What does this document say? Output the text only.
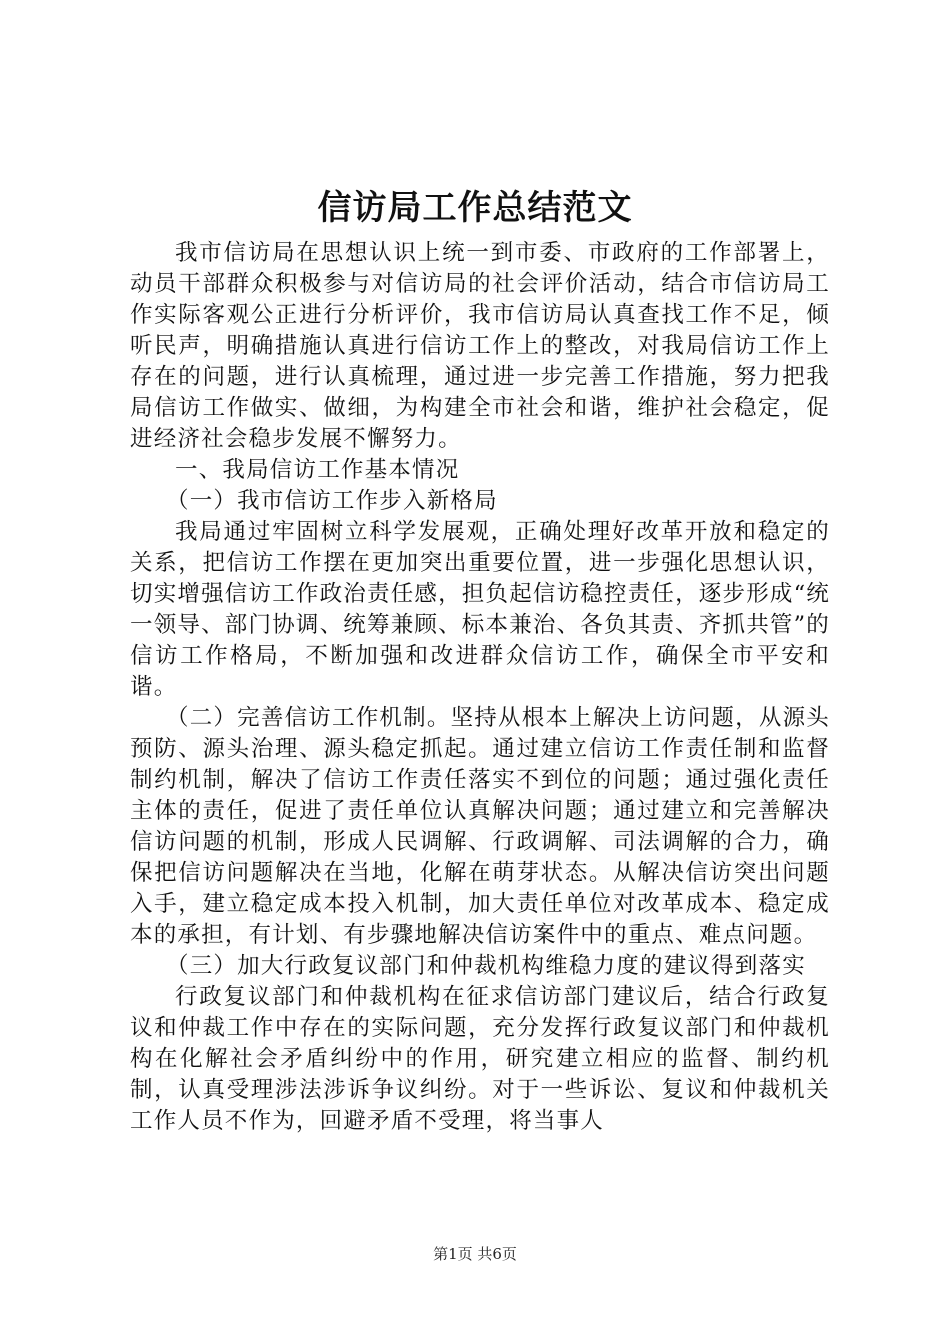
信访局工作总结范文

我市信访局在思想认识上统一到市委、市政府的工作部署上，动员干部群众积极参与对信访局的社会评价活动，结合市信访局工作实际客观公正进行分析评价，我市信访局认真查找工作不足，倾听民声，明确措施认真进行信访工作上的整改，对我局信访工作上存在的问题，进行认真梳理，通过进一步完善工作措施，努力把我局信访工作做实、做细，为构建全市社会和谐，维护社会稳定，促进经济社会稳步发展不懈努力。

一、我局信访工作基本情况

（一）我市信访工作步入新格局

我局通过牢固树立科学发展观，正确处理好改革开放和稳定的关系，把信访工作摆在更加突出重要位置，进一步强化思想认识，切实增强信访工作政治责任感，担负起信访稳控责任，逐步形成“统一领导、部门协调、统筹兼顾、标本兼治、各负其责、齐抓共管”的信访工作格局，不断加强和改进群众信访工作，确保全市平安和谐。

（二）完善信访工作机制。坚持从根本上解决上访问题，从源头预防、源头治理、源头稳定抓起。通过建立信访工作责任制和监督制约机制，解决了信访工作责任落实不到位的问题；通过强化责任主体的责任，促进了责任单位认真解决问题；通过建立和完善解决信访问题的机制，形成人民调解、行政调解、司法调解的合力，确保把信访问题解决在当地，化解在萌芽状态。从解决信访突出问题入手，建立稳定成本投入机制，加大责任单位对改革成本、稳定成本的承担，有计划、有步骤地解决信访案件中的重点、难点问题。

（三）加大行政复议部门和仲裁机构维稳力度的建议得到落实

行政复议部门和仲裁机构在征求信访部门建议后，结合行政复议和仲裁工作中存在的实际问题，充分发挥行政复议部门和仲裁机构在化解社会矛盾纠纷中的作用，研究建立相应的监督、制约机制，认真受理涉法涉诉争议纠纷。对于一些诉讼、复议和仲裁机关工作人员不作为，回避矛盾不受理，将当事人

第1页 共6页
